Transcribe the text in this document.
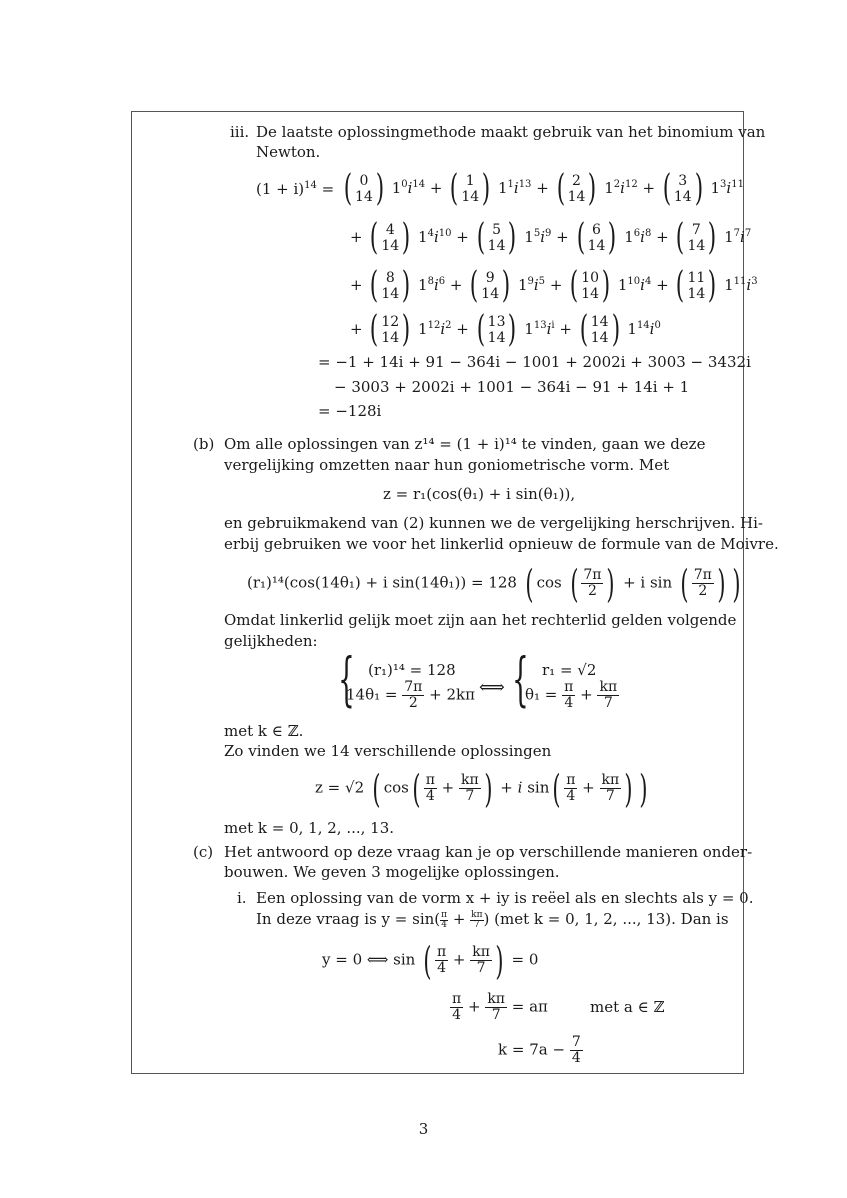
iii. De laatste oplossingmethode maakt gebruik van het binomium van
Newton.
$(1 + i)^{14}$ = ( 0
14 ) $1^0i^{14}$ + ( 1
14 ) $1^1i^{13}$ + ( 2
14 ) $1^2i^{12}$ + ( 3
14 ) $1^3i^{11}$
+ ( 4
14 ) $1^4i^{10}$ + ( 5
14 ) $1^5i^9$ + ( 6
14 ) $1^6i^8$ + ( 7
14 ) $1^7i^7$
+ ( 8
14 ) $1^8i^6$ + ( 9
14 ) $1^9i^5$ + ( 10
14 ) $1^{10}i^4$ + ( 11
14 ) $1^{11}i^3$
+ ( 12
14 ) $1^{12}i^2$ + ( 13
14 ) $1^{13}i^i$ + ( 14
14 ) $1^{14}i^0$
= −1 + 14i + 91 − 364i − 1001 + 2002i + 3003 − 3432i
− 3003 + 2002i + 1001 − 364i − 91 + 14i + 1
= −128i
(b) Om alle oplossingen van z¹⁴ = (1 + i)¹⁴ te vinden, gaan we deze
vergelijking omzetten naar hun goniometrische vorm. Met
z = r₁(cos(θ₁) + i sin(θ₁)),
en gebruikmakend van (2) kunnen we de vergelijking herschrijven. Hi-
erbij gebruiken we voor het linkerlid opnieuw de formule van de Moivre.
(r₁)¹⁴(cos(14θ₁) + i sin(14θ₁)) = 128 ( cos ( $\frac{7\pi}{2}$ ) + i sin ( $\frac{7\pi}{2}$ ) )
Omdat linkerlid gelijk moet zijn aan het rechterlid gelden volgende
gelijkheden:
{ (r₁)¹⁴ = 128
$14\theta_1 = \frac{7\pi}{2} + 2k\pi$ ⟺ { r₁ = √2
$\theta_1 = \frac{\pi}{4} + \frac{k\pi}{7}$
met k ∈ ℤ.
Zo vinden we 14 verschillende oplossingen
z = √2 ( $\cos( \frac{\pi}{4} + \frac{k\pi}{7}$ ) + i $\sin( \frac{\pi}{4} + \frac{k\pi}{7}$ ) )
met k = 0, 1, 2, ..., 13.
(c) Het antwoord op deze vraag kan je op verschillende manieren onder-
bouwen. We geven 3 mogelijke oplossingen.
i. Een oplossing van de vorm x + iy is reëel als en slechts als y = 0.
In deze vraag is $y = \sin( \frac{\pi}{4} + \frac{k\pi}{7}$ ) (met k = 0, 1, 2, ..., 13). Dan is
y = 0 ⟺ sin ( $\frac{\pi}{4} + \frac{k\pi}{7}$ ) = 0
$\frac{\pi}{4} + \frac{k\pi}{7} = a\pi$	met a ∈ ℤ
$k = 7a - \frac{7}{4}$
3
